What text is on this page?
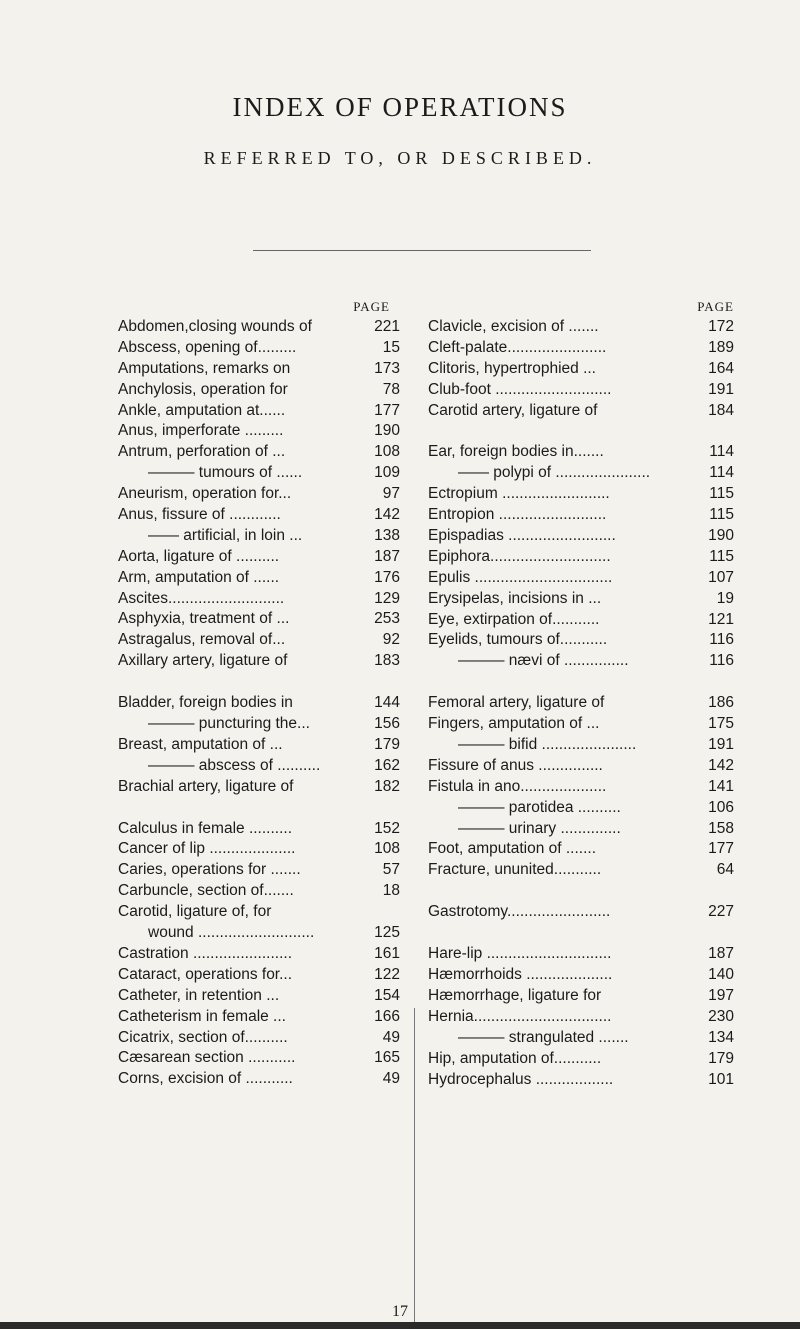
INDEX OF OPERATIONS
REFERRED TO, OR DESCRIBED.
PAGE
Abdomen,closing wounds of	221
Abscess, opening of.........	15
Amputations, remarks on	173
Anchylosis, operation for	78
Ankle, amputation at......	177
Anus, imperforate .........	190
Antrum, perforation of ...	108
——— tumours of ......	109
Aneurism, operation for...	97
Anus, fissure of ............	142
—— artificial, in loin ...	138
Aorta, ligature of ..........	187
Arm, amputation of ......	176
Ascites...........................	129
Asphyxia, treatment of ...	253
Astragalus, removal of...	92
Axillary artery, ligature of	183
Bladder, foreign bodies in	144
——— puncturing the...	156
Breast, amputation of ...	179
——— abscess of ..........	162
Brachial artery, ligature of	182
Calculus in female ..........	152
Cancer of lip ....................	108
Caries, operations for .......	57
Carbuncle, section of.......	18
Carotid, ligature of, for
wound ...........................	125
Castration .......................	161
Cataract, operations for...	122
Catheter, in retention ...	154
Catheterism in female ...	166
Cicatrix, section of..........	49
Cæsarean section ...........	165
Corns, excision of ...........	49
PAGE
Clavicle, excision of .......	172
Cleft-palate.......................	189
Clitoris, hypertrophied ...	164
Club-foot ...........................	191
Carotid artery, ligature of	184
Ear, foreign bodies in.......	114
—— polypi of ......................	114
Ectropium .........................	115
Entropion .........................	115
Epispadias .........................	190
Epiphora............................	115
Epulis ................................	107
Erysipelas, incisions in ...	19
Eye, extirpation of...........	121
Eyelids, tumours of...........	116
——— nævi of ...............	116
Femoral artery, ligature of	186
Fingers, amputation of ...	175
——— bifid ......................	191
Fissure of anus ...............	142
Fistula in ano....................	141
——— parotidea ..........	106
——— urinary ..............	158
Foot, amputation of .......	177
Fracture, ununited...........	64
Gastrotomy........................	227
Hare-lip .............................	187
Hæmorrhoids ....................	140
Hæmorrhage, ligature for	197
Hernia................................	230
——— strangulated .......	134
Hip, amputation of...........	179
Hydrocephalus ..................	101
17
